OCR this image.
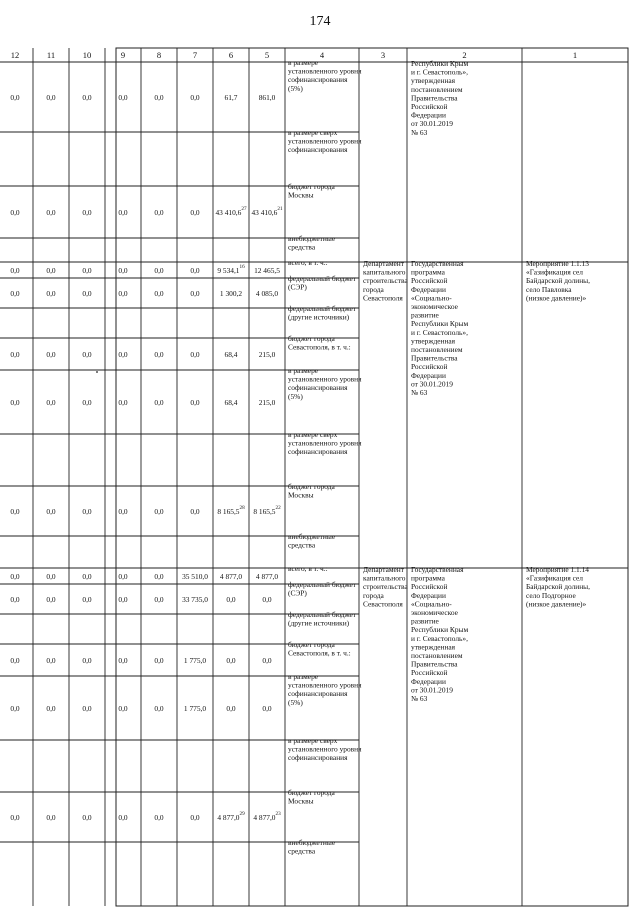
174
1
2
3
4
5
6
7
8
9
10
11
12
Республики Крым и г. Севастополь», утвержденная постановлением Правительства Российской Федерации от 30.01.2019 № 63
в размере установленного уровня софинансирования (5%)
861,0
61,7
0,0
0,0
0,0
0,0
0,0
0,0
в размере сверх установленного уровня софинансирования
бюджет города Москвы
43 410,6$^{21}$
43 410,6$^{27}$
0,0
0,0
0,0
0,0
0,0
0,0
внебюджетные средства
Мероприятие 1.1.13 «Газификация сел Байдарской долины, село Павловка (низкое давление)»
Государственная программа Российской Федерации «Социально-экономическое развитие Республики Крым и г. Севастополь», утвержденная постановлением Правительства Российской Федерации от 30.01.2019 № 63
Департамент капитального строительства города Севастополя
всего, в т. ч.:
12 465,5
9 534,1$^{16}$
0,0
0,0
0,0
0,0
0,0
0,0
федеральный бюджет (СЭР)
4 085,0
1 300,2
0,0
0,0
0,0
0,0
0,0
0,0
федеральный бюджет (другие источники)
бюджет города Севастополя, в т. ч.:
215,0
68,4
0,0
0,0
0,0
0,0
0,0
0,0
в размере установленного уровня софинансирования (5%)
215,0
68,4
0,0
0,0
0,0
0,0
0,0
0,0
в размере сверх установленного уровня софинансирования
бюджет города Москвы
8 165,5$^{22}$
8 165,5$^{28}$
0,0
0,0
0,0
0,0
0,0
0,0
внебюджетные средства
Мероприятие 1.1.14 «Газификация сел Байдарской долины, село Подгорное (низкое давление)»
Государственная программа Российской Федерации «Социально-экономическое развитие Республики Крым и г. Севастополь», утвержденная постановлением Правительства Российской Федерации от 30.01.2019 № 63
Департамент капитального строительства города Севастополя
всего, в т. ч.:
4 877,0
4 877,0
35 510,0
0,0
0,0
0,0
0,0
0,0
федеральный бюджет (СЭР)
0,0
0,0
33 735,0
0,0
0,0
0,0
0,0
0,0
федеральный бюджет (другие источники)
бюджет города Севастополя, в т. ч.:
0,0
0,0
1 775,0
0,0
0,0
0,0
0,0
0,0
в размере установленного уровня софинансирования (5%)
0,0
0,0
1 775,0
0,0
0,0
0,0
0,0
0,0
в размере сверх установленного уровня софинансирования
бюджет города Москвы
4 877,0$^{23}$
4 877,0$^{29}$
0,0
0,0
0,0
0,0
0,0
0,0
внебюджетные средства
